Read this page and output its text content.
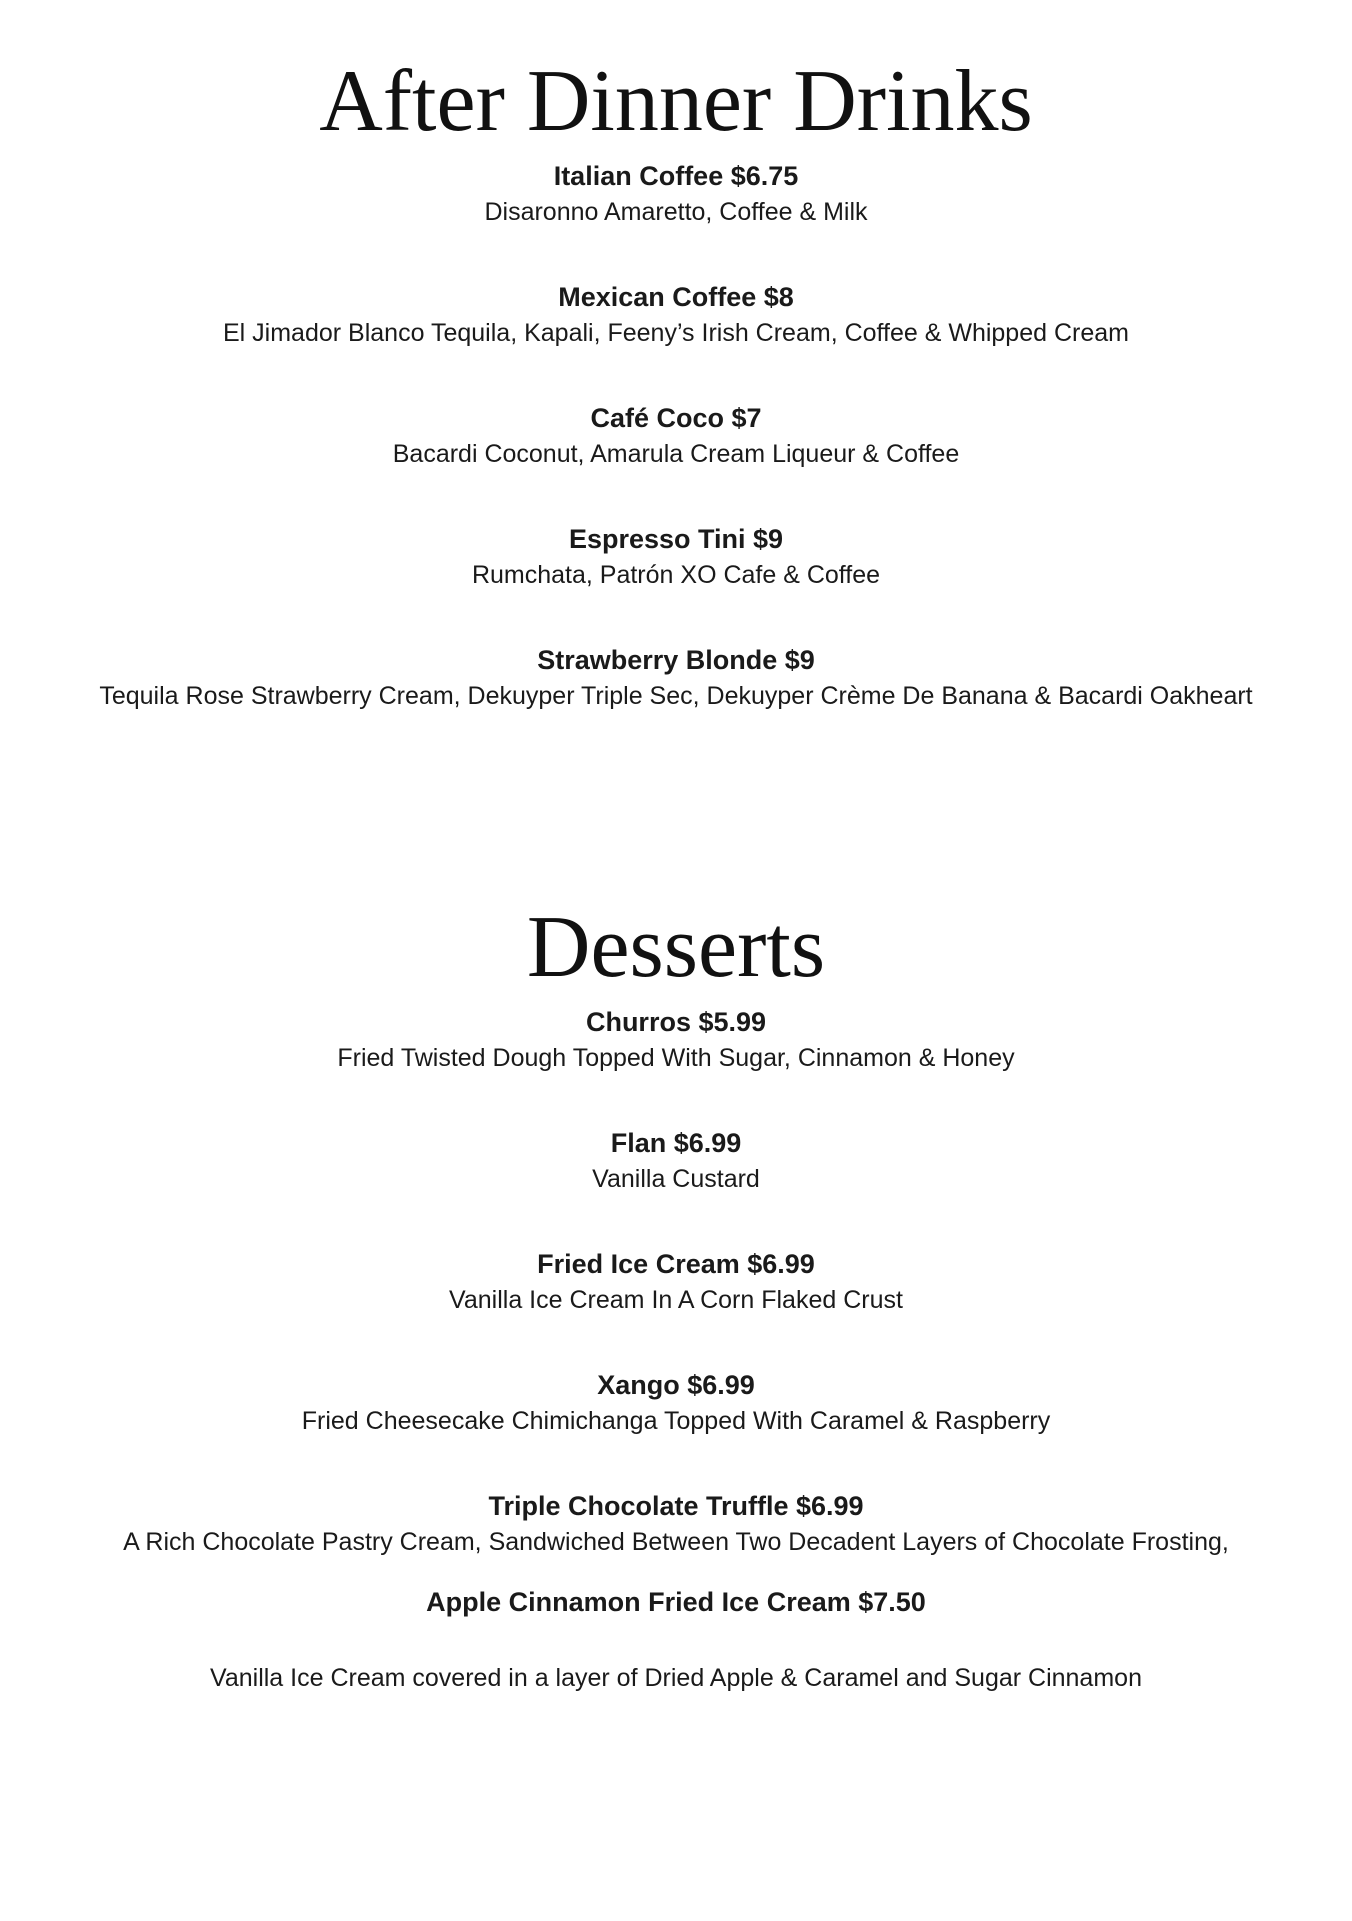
After Dinner Drinks
Italian Coffee $6.75
Disaronno Amaretto, Coffee & Milk
Mexican Coffee $8
El Jimador Blanco Tequila, Kapali, Feeny’s Irish Cream, Coffee & Whipped Cream
Café Coco $7
Bacardi Coconut, Amarula Cream Liqueur & Coffee
Espresso Tini $9
Rumchata, Patrón XO Cafe & Coffee
Strawberry Blonde $9
Tequila Rose Strawberry Cream, Dekuyper Triple Sec, Dekuyper Crème De Banana & Bacardi Oakheart
Desserts
Churros $5.99
Fried Twisted Dough Topped With Sugar, Cinnamon & Honey
Flan $6.99
Vanilla Custard
Fried Ice Cream $6.99
Vanilla Ice Cream In A Corn Flaked Crust
Xango $6.99
Fried Cheesecake Chimichanga Topped With Caramel & Raspberry
Triple Chocolate Truffle $6.99
A Rich Chocolate Pastry Cream, Sandwiched Between Two Decadent Layers of Chocolate Frosting,
Apple Cinnamon Fried Ice Cream $7.50
Vanilla Ice Cream covered in a layer of Dried Apple & Caramel and Sugar Cinnamon
